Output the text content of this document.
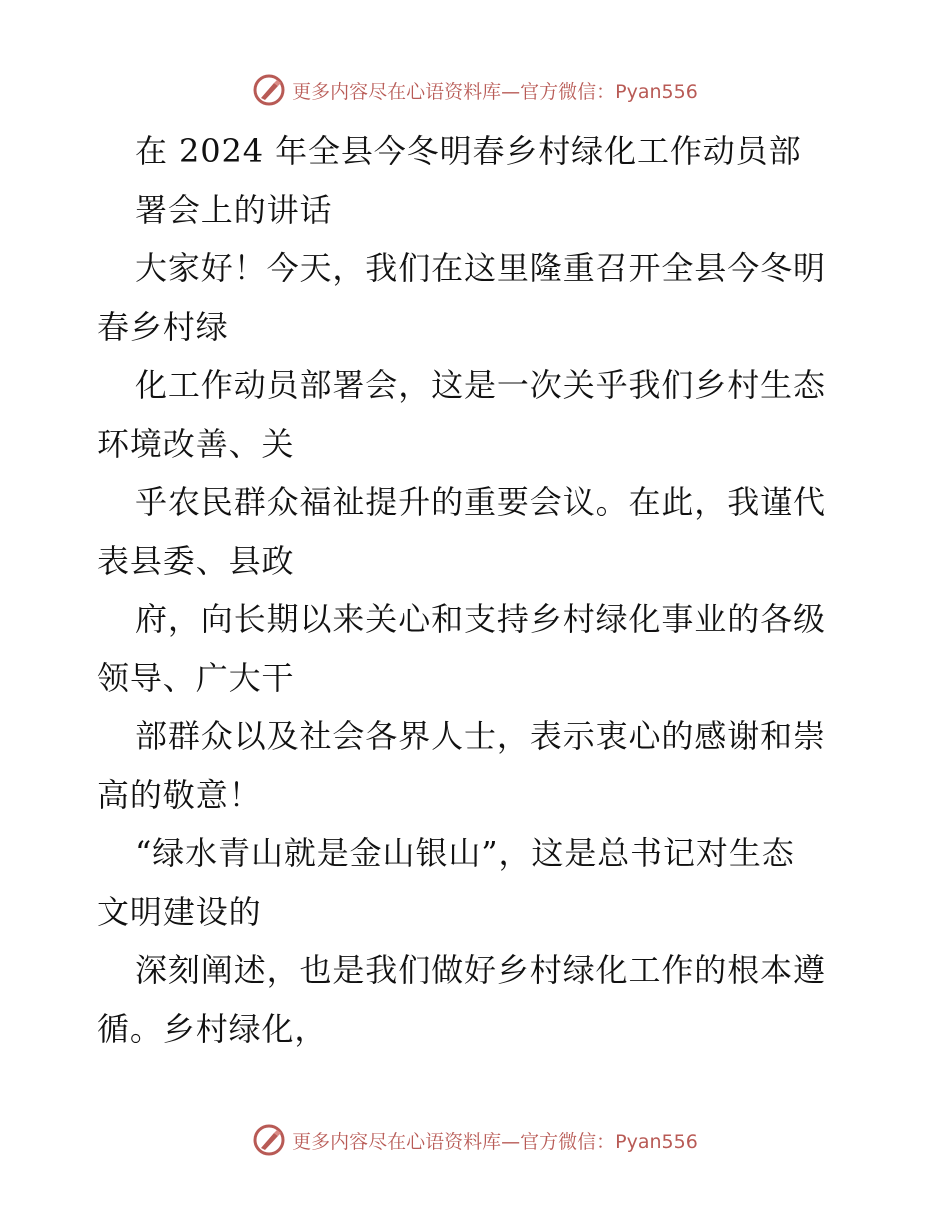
更多内容尽在心语资料库—官方微信：Pyan556
在 2024 年全县今冬明春乡村绿化工作动员部
署会上的讲话
大家好！今天，我们在这里隆重召开全县今冬明
春乡村绿
化工作动员部署会，这是一次关乎我们乡村生态
环境改善、关
乎农民群众福祉提升的重要会议。在此，我谨代
表县委、县政
府，向长期以来关心和支持乡村绿化事业的各级
领导、广大干
部群众以及社会各界人士，表示衷心的感谢和崇
高的敬意！
“绿水青山就是金山银山”，这是总书记对生态
文明建设的
深刻阐述，也是我们做好乡村绿化工作的根本遵
循。乡村绿化，
更多内容尽在心语资料库—官方微信：Pyan556
